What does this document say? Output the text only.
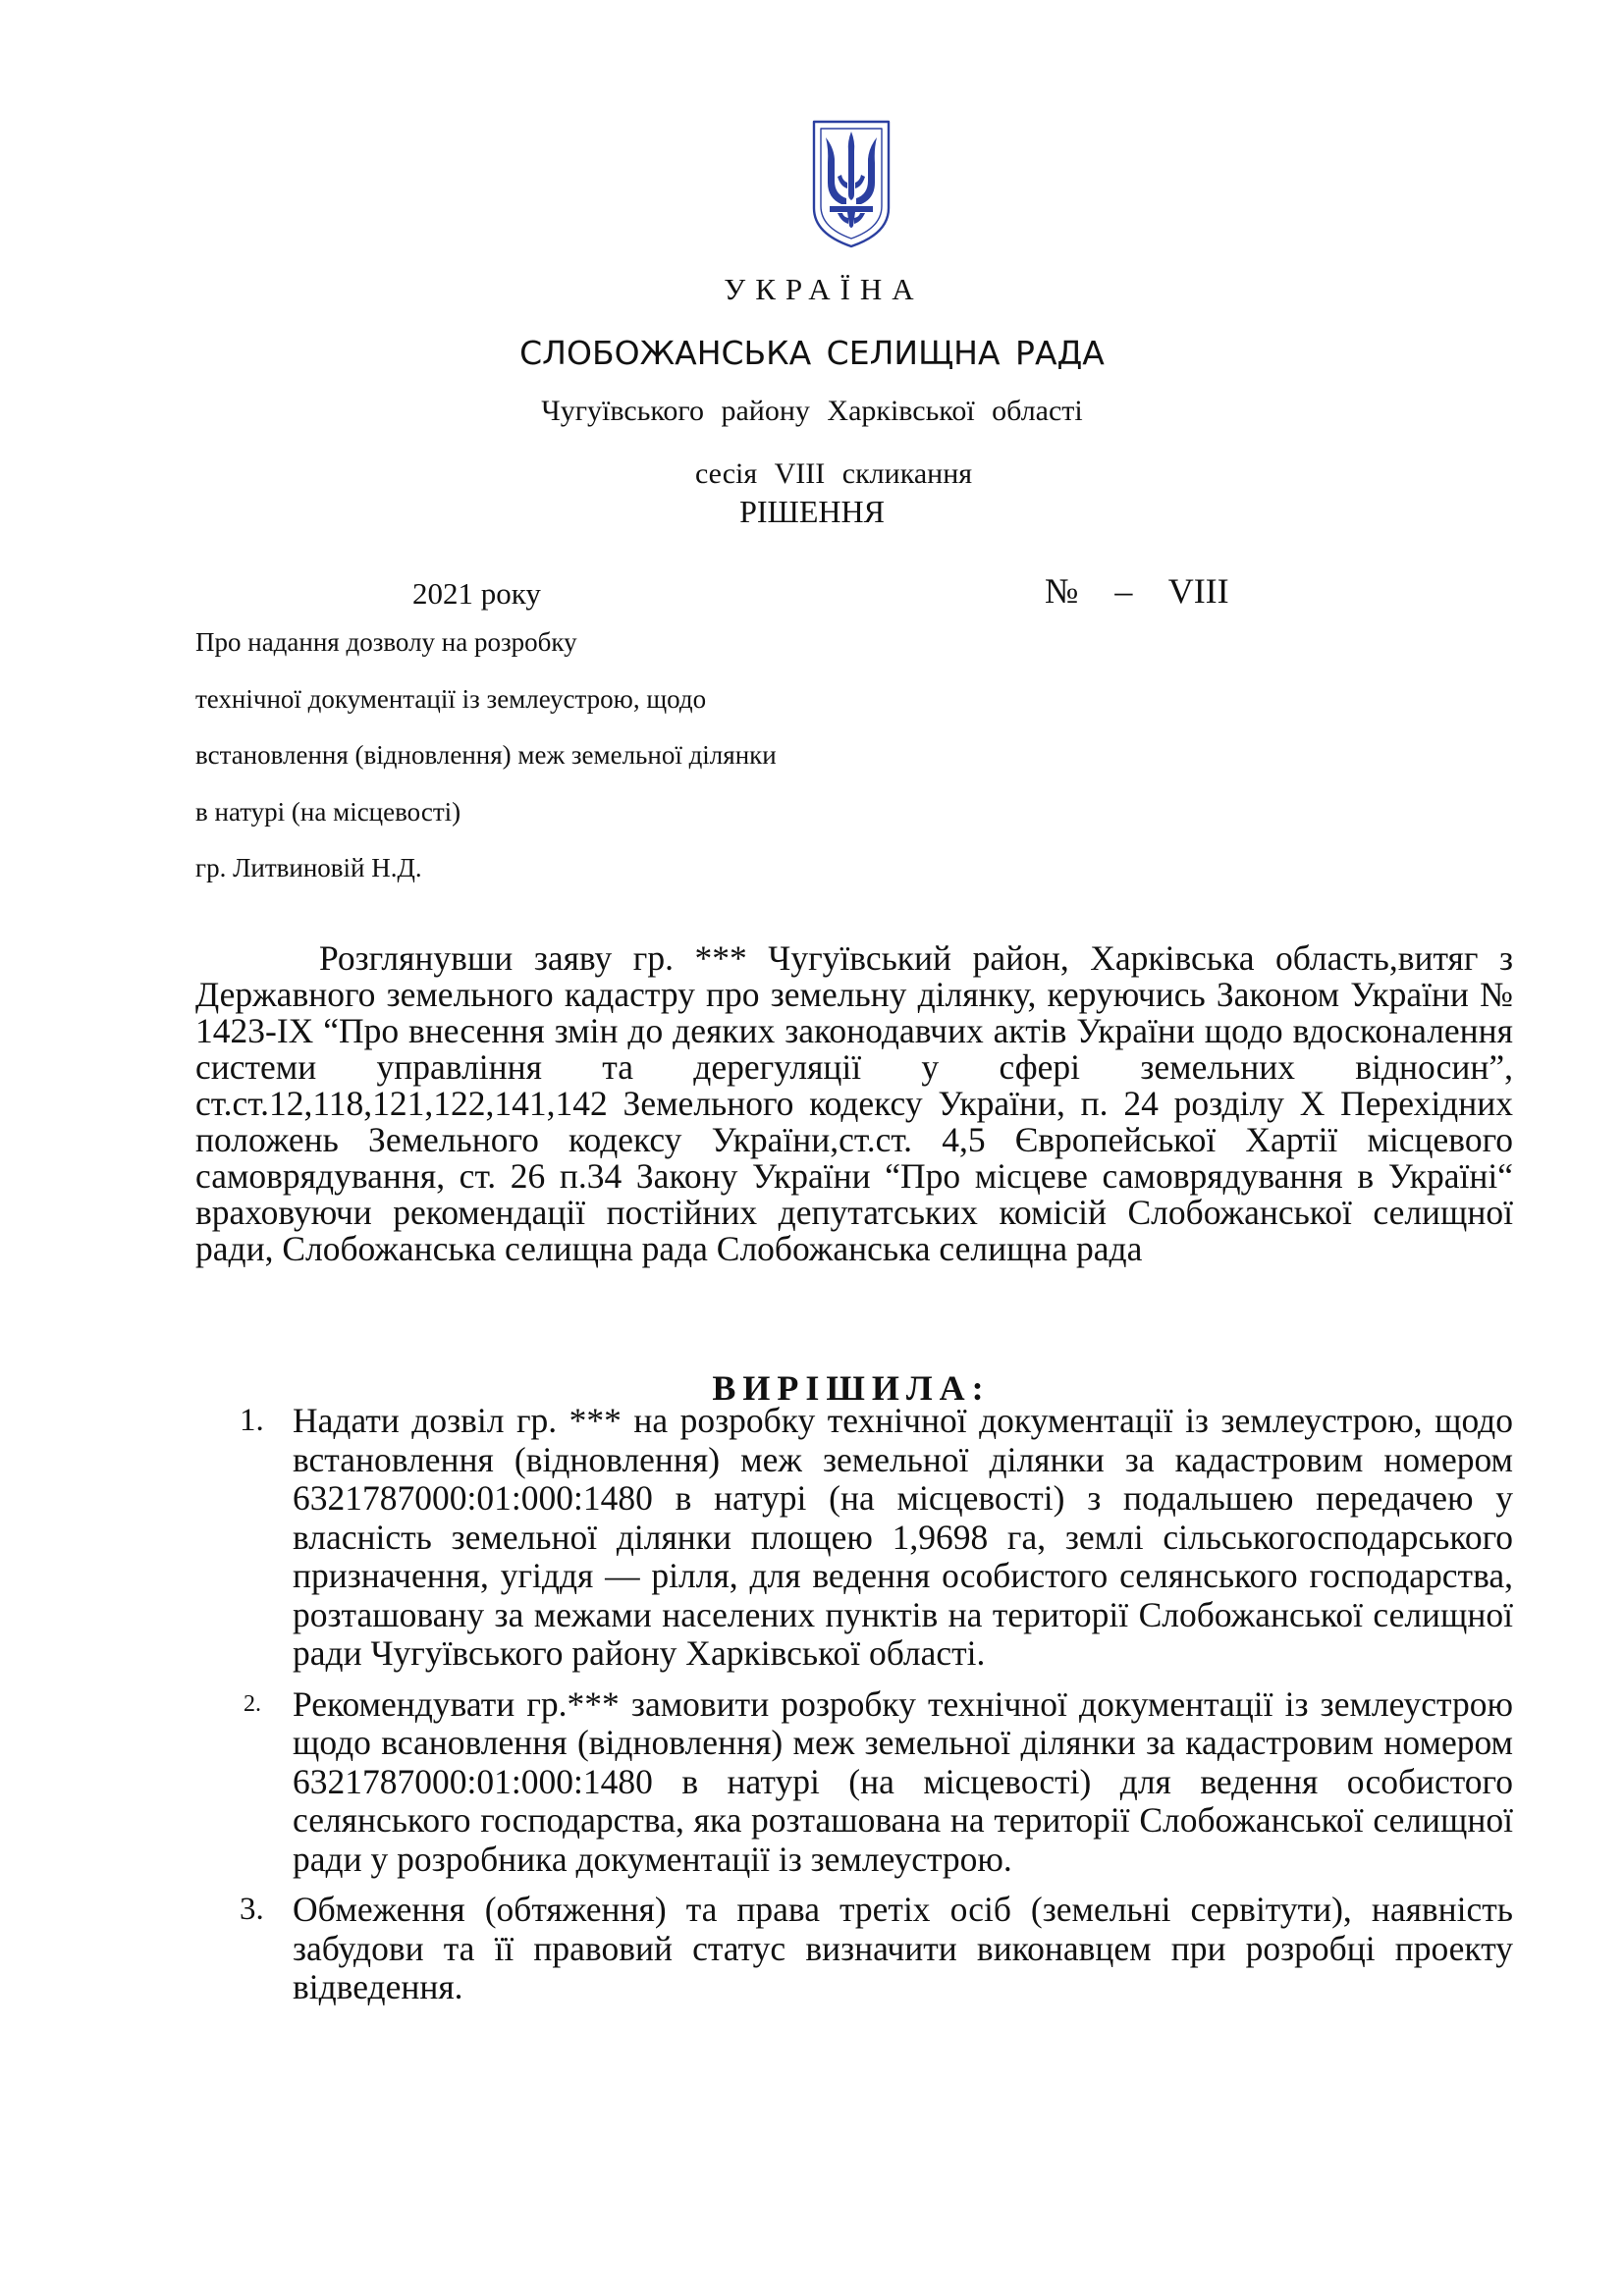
УКРАЇНА
СЛОБОЖАНСЬКА СЕЛИЩНА РАДА
Чугуївського району Харківської області
сесія VIII скликання
РІШЕННЯ
2021 року	№ – VIII
Про надання дозволу на розробку
технічної документації із землеустрою, щодо
встановлення (відновлення) меж земельної ділянки
в натурі (на місцевості)
гр. Литвиновій Н.Д.

Розглянувши заяву гр. *** Чугуївський район, Харківська область,витяг з Державного земельного кадастру про земельну ділянку, керуючись Законом України № 1423-IX “Про внесення змін до деяких законодавчих актів України щодо вдосконалення системи управління та дерегуляції у сфері земельних відносин”, ст.ст.12,118,121,122,141,142 Земельного кодексу України, п. 24 розділу X Перехідних положень Земельного кодексу України,ст.ст. 4,5 Європейської Хартії місцевого самоврядування, ст. 26 п.34 Закону України “Про місцеве самоврядування в Україні“ враховуючи рекомендації постійних депутатських комісій Слобожанської селищної ради, Слобожанська селищна рада Слобожанська селищна рада

ВИРІШИЛА:
1. Надати дозвіл гр. *** на розробку технічної документації із землеустрою, щодо встановлення (відновлення) меж земельної ділянки за кадастровим номером 6321787000:01:000:1480 в натурі (на місцевості) з подальшею передачею у власність земельної ділянки площею 1,9698 га, землі сільськогосподарського призначення, угіддя — рілля, для ведення особистого селянського господарства, розташовану за межами населених пунктів на території Слобожанської селищної ради Чугуївського району Харківської області.
2. Рекомендувати гр.*** замовити розробку технічної документації із землеустрою щодо всановлення (відновлення) меж земельної ділянки за кадастровим номером 6321787000:01:000:1480 в натурі (на місцевості) для ведення особистого селянського господарства, яка розташована на території Слобожанської селищної ради у розробника документації із землеустрою.
3. Обмеження (обтяження) та права третіх осіб (земельні сервітути), наявність забудови та її правовий статус визначити виконавцем при розробці проекту відведення.
